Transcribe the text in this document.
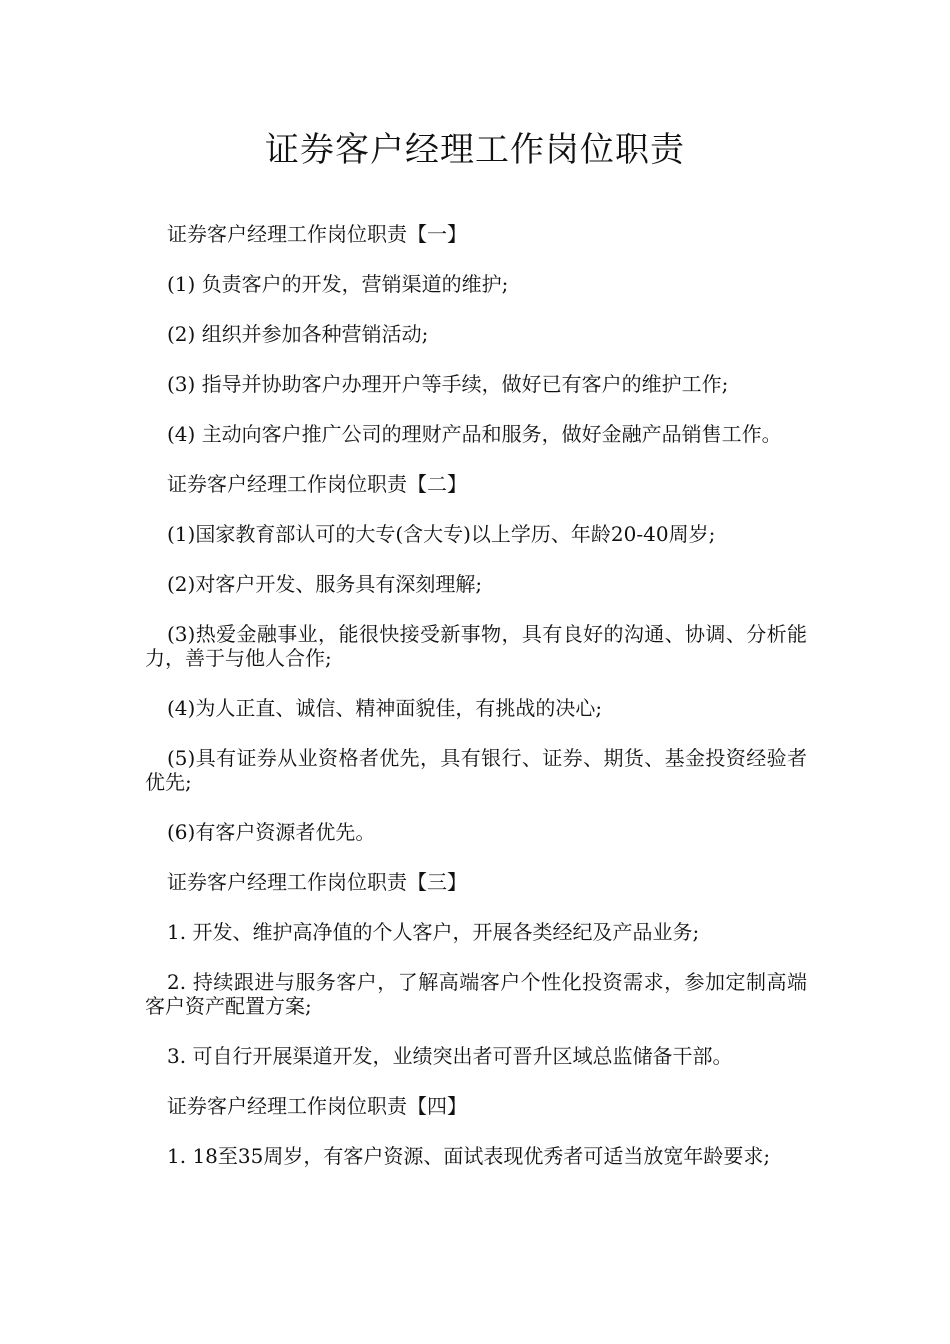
证券客户经理工作岗位职责

证券客户经理工作岗位职责【一】

(1) 负责客户的开发，营销渠道的维护;

(2) 组织并参加各种营销活动;

(3) 指导并协助客户办理开户等手续，做好已有客户的维护工作;

(4) 主动向客户推广公司的理财产品和服务，做好金融产品销售工作。

证券客户经理工作岗位职责【二】

(1)国家教育部认可的大专(含大专)以上学历、年龄20-40周岁;

(2)对客户开发、服务具有深刻理解;

(3)热爱金融事业，能很快接受新事物，具有良好的沟通、协调、分析能力，善于与他人合作;

(4)为人正直、诚信、精神面貌佳，有挑战的决心;

(5)具有证券从业资格者优先，具有银行、证券、期货、基金投资经验者优先;

(6)有客户资源者优先。

证券客户经理工作岗位职责【三】

1. 开发、维护高净值的个人客户，开展各类经纪及产品业务;

2. 持续跟进与服务客户，了解高端客户个性化投资需求，参加定制高端客户资产配置方案;

3. 可自行开展渠道开发，业绩突出者可晋升区域总监储备干部。

证券客户经理工作岗位职责【四】

1. 18至35周岁，有客户资源、面试表现优秀者可适当放宽年龄要求;
